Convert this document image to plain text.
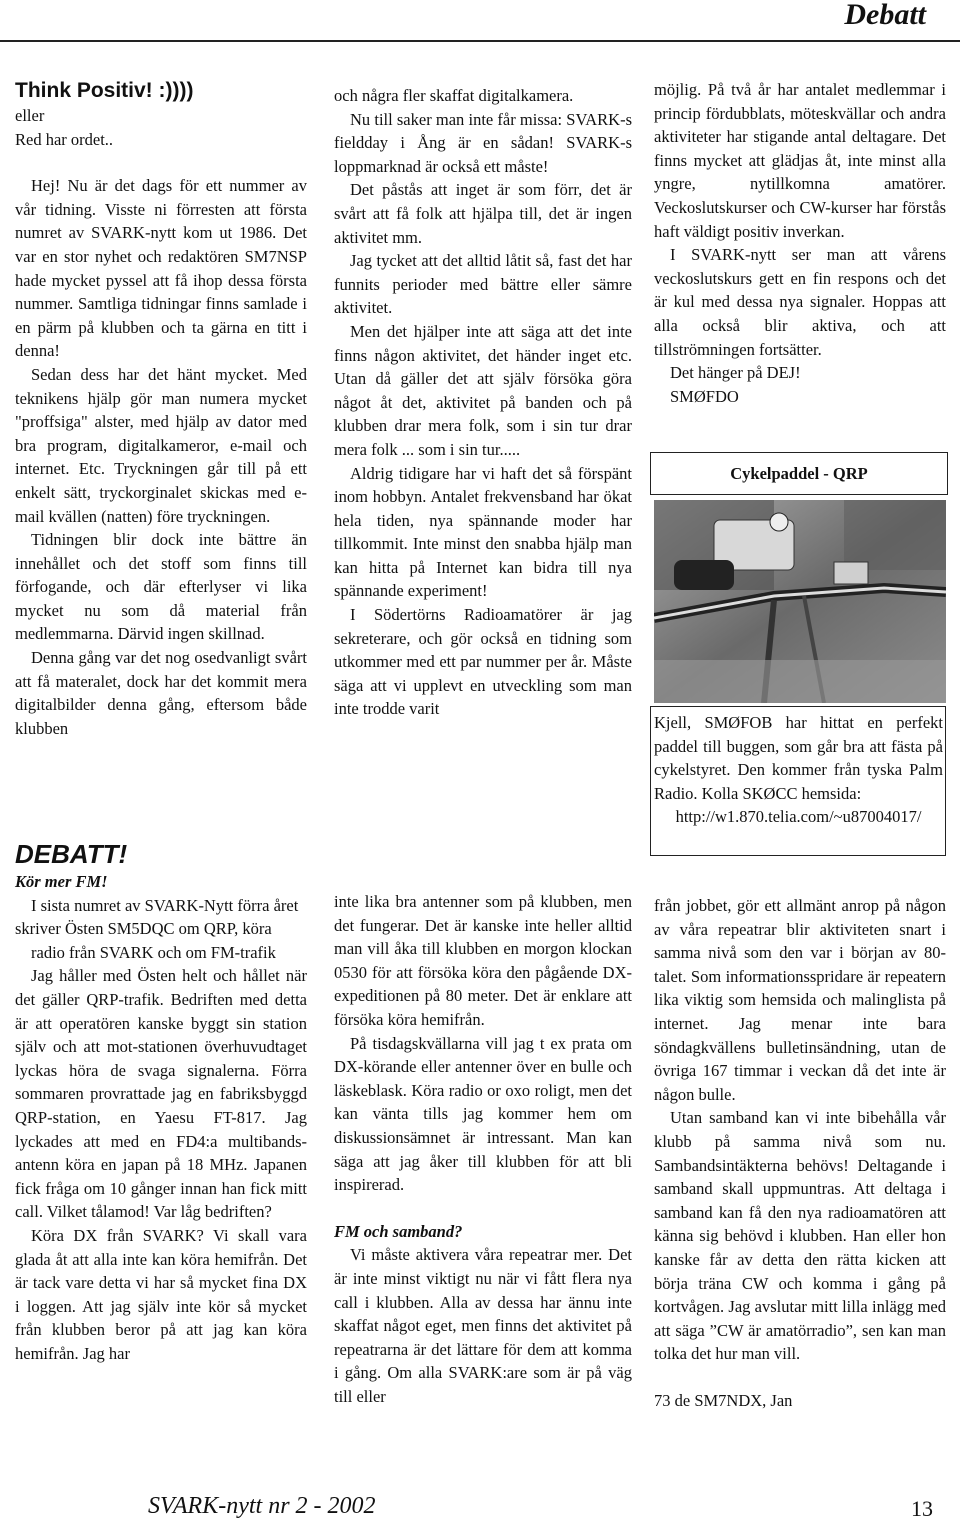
Debatt
Think Positiv! :))))

eller

Red har ordet..

Hej! Nu är det dags för ett nummer av vår tidning. Visste ni förresten att första numret av SVARK-nytt kom ut 1986. Det var en stor nyhet och redaktören SM7NSP hade mycket pyssel att få ihop dessa första nummer. Samtliga tidningar finns samlade i en pärm på klubben och ta gärna en titt i denna!

Sedan dess har det hänt mycket. Med teknikens hjälp gör man numera mycket "proffsiga" alster, med hjälp av dator med bra program, digitalkameror, e-mail och internet. Etc. Tryckningen går till på ett enkelt sätt, tryckorginalet skickas med e-mail kvällen (natten) före tryckningen.

Tidningen blir dock inte bättre än innehållet och det stoff som finns till förfogande, och där efterlyser vi lika mycket nu som då material från medlemmarna. Därvid ingen skillnad.

Denna gång var det nog osedvanligt svårt att få materalet, dock har det kommit mera digitalbilder denna gång, eftersom både klubben

och några fler skaffat digitalkamera.

Nu till saker man inte får missa: SVARK-s fieldday i Ång är en sådan! SVARK-s loppmarknad är också ett måste!

Det påstås att inget är som förr, det är svårt att få folk att hjälpa till, det är ingen aktivitet mm.

Jag tycket att det alltid låtit så, fast det har funnits perioder med bättre eller sämre aktivitet.

Men det hjälper inte att säga att det inte finns någon aktivitet, det händer inget etc. Utan då gäller det att själv försöka göra något åt det, aktivitet på banden och på klubben drar mera folk, som i sin tur drar mera folk ... som i sin tur.....

Aldrig tidigare har vi haft det så förspänt inom hobbyn. Antalet frekvensband har ökat hela tiden, nya spännande moder har tillkommit. Inte minst den snabba hjälp man kan hitta på Internet kan bidra till nya spännande experiment!

I Södertörns Radioamatörer är jag sekreterare, och gör också en tidning som utkommer med ett par nummer per år. Måste säga att vi upplevt en utveckling som man inte trodde varit

möjlig. På två år har antalet medlemmar i princip fördubblats, möteskvällar och andra aktiviteter har stigande antal deltagare. Det finns mycket att glädjas åt, inte minst alla yngre, nytillkomna amatörer. Veckoslutskurser och CW-kurser har förstås haft väldigt positiv inverkan.

I SVARK-nytt ser man att vårens veckoslutskurs gett en fin respons och det är kul med dessa nya signaler. Hoppas att alla också blir aktiva, och att tillströmningen fortsätter.

Det hänger på DEJ!

SMØFDO

Cykelpaddel - QRP
Kjell, SMØFOB har hittat en perfekt paddel till buggen, som går bra att fästa på cykelstyret. Den kommer från tyska Palm Radio. Kolla SKØCC hemsida:
http://w1.870.telia.com/~u87004017/
DEBATT!

Kör mer FM!

I sista numret av SVARK-Nytt förra året skriver Östen SM5DQC om QRP, köra

radio från SVARK och om FM-trafik

Jag håller med Östen helt och hållet när det gäller QRP-trafik. Bedriften med detta är att operatören kanske byggt sin station själv och att mot-stationen överhuvudtaget lyckas höra de svaga signalerna. Förra sommaren provrattade jag en fabriksbyggd QRP-station, en Yaesu FT-817. Jag lyckades att med en FD4:a multibands-antenn köra en japan på 18 MHz. Japanen fick fråga om 10 gånger innan han fick mitt call. Vilket tålamod! Var låg bedriften?

Köra DX från SVARK? Vi skall vara glada åt att alla inte kan köra hemifrån. Det är tack vare detta vi har så mycket fina DX i loggen. Att jag själv inte kör så mycket från klubben beror på att jag kan köra hemifrån. Jag har

inte lika bra antenner som på klubben, men det fungerar. Det är kanske inte heller alltid man vill åka till klubben en morgon klockan 0530 för att försöka köra den pågående DX-expeditionen på 80 meter. Det är enklare att försöka köra hemifrån.

På tisdagskvällarna vill jag t ex prata om DX-körande eller antenner över en bulle och läskeblask. Köra radio or oxo roligt, men det kan vänta tills jag kommer hem om diskussionsämnet är intressant. Man kan säga att jag åker till klubben för att bli inspirerad.

FM och samband?

Vi måste aktivera våra repeatrar mer. Det är inte minst viktigt nu när vi fått flera nya call i klubben. Alla av dessa har ännu inte skaffat något eget, men finns det aktivitet på repeatrarna är det lättare för dem att komma i gång. Om alla SVARK:are som är på väg till eller

från jobbet, gör ett allmänt anrop på någon av våra repeatrar blir aktiviteten snart i samma nivå som den var i början av 80-talet. Som informationsspridare är repeatern lika viktig som hemsida och malinglista på internet. Jag menar inte bara söndagkvällens bulletinsändning, utan de övriga 167 timmar i veckan då det inte är någon bulle.

Utan samband kan vi inte bibehålla vår klubb på samma nivå som nu. Sambandsintäkterna behövs! Deltagande i samband skall uppmuntras. Att deltaga i samband kan få den nya radioamatören att känna sig behövd i klubben. Han eller hon kanske får av detta den rätta kicken att börja träna CW och komma i gång på kortvågen. Jag avslutar mitt lilla inlägg med att säga ”CW är amatörradio”, sen kan man tolka det hur man vill.

73 de SM7NDX, Jan

SVARK-nytt nr 2 - 2002	13
